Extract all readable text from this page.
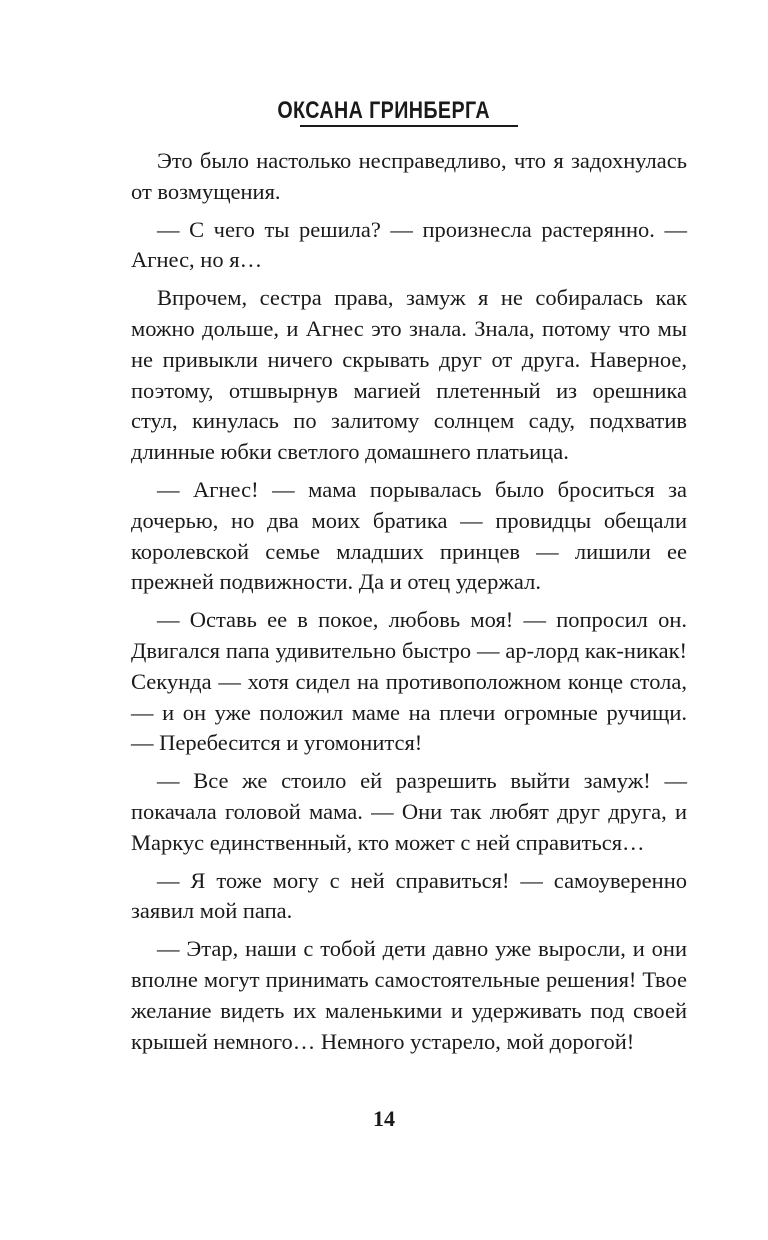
ОКСАНА ГРИНБЕРГА

Это было настолько несправедливо, что я задохнулась от возмущения.

— С чего ты решила? — произнесла растерянно. — Агнес, но я…

Впрочем, сестра права, замуж я не собиралась как можно дольше, и Агнес это знала. Знала, потому что мы не привыкли ничего скрывать друг от друга. Наверное, поэтому, отшвырнув магией плетенный из орешника стул, кинулась по залитому солнцем саду, подхватив длинные юбки светлого домашнего платьица.

— Агнес! — мама порывалась было броситься за дочерью, но два моих братика — провидцы обещали королевской семье младших принцев — лишили ее прежней подвижности. Да и отец удержал.

— Оставь ее в покое, любовь моя! — попросил он. Двигался папа удивительно быстро — ар-лорд как-никак! Секунда — хотя сидел на противоположном конце стола, — и он уже положил маме на плечи огромные ручищи. — Перебесится и угомонится!

— Все же стоило ей разрешить выйти замуж! — покачала головой мама. — Они так любят друг друга, и Маркус единственный, кто может с ней справиться…

— Я тоже могу с ней справиться! — самоуверенно заявил мой папа.

— Этар, наши с тобой дети давно уже выросли, и они вполне могут принимать самостоятельные решения! Твое желание видеть их маленькими и удерживать под своей крышей немного… Немного устарело, мой дорогой!

14
